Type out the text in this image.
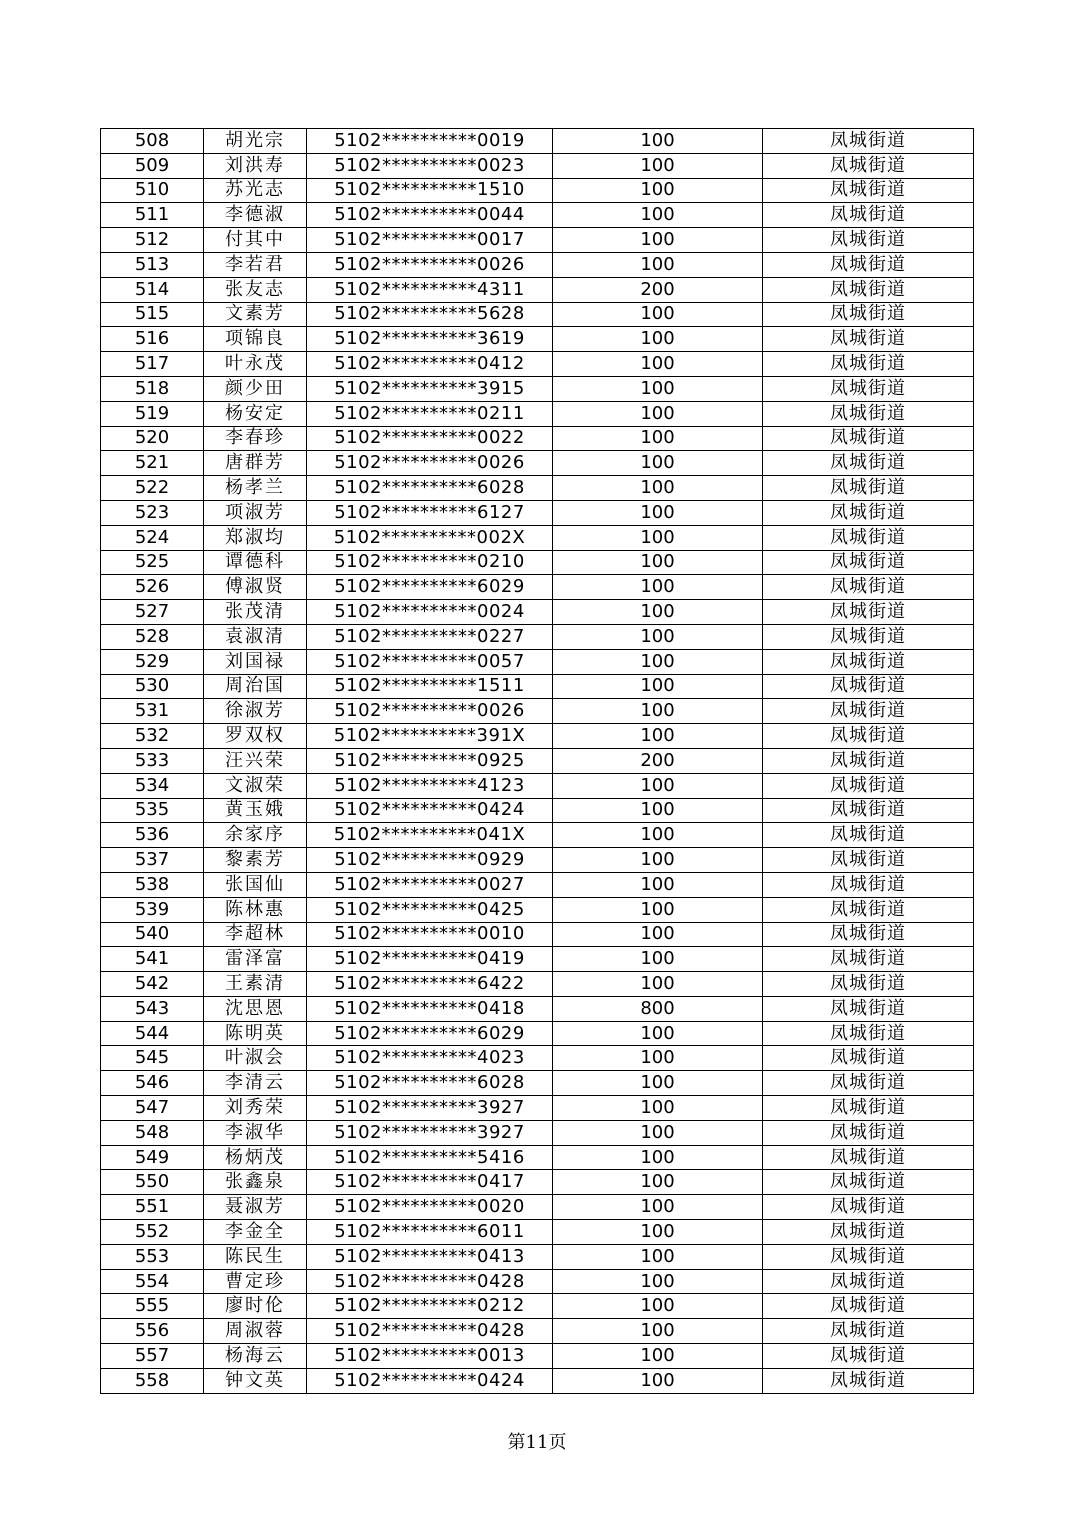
508	胡光宗	5102**********0019	100	凤城街道
509	刘洪寿	5102**********0023	100	凤城街道
510	苏光志	5102**********1510	100	凤城街道
511	李德淑	5102**********0044	100	凤城街道
512	付其中	5102**********0017	100	凤城街道
513	李若君	5102**********0026	100	凤城街道
514	张友志	5102**********4311	200	凤城街道
515	文素芳	5102**********5628	100	凤城街道
516	项锦良	5102**********3619	100	凤城街道
517	叶永茂	5102**********0412	100	凤城街道
518	颜少田	5102**********3915	100	凤城街道
519	杨安定	5102**********0211	100	凤城街道
520	李春珍	5102**********0022	100	凤城街道
521	唐群芳	5102**********0026	100	凤城街道
522	杨孝兰	5102**********6028	100	凤城街道
523	项淑芳	5102**********6127	100	凤城街道
524	郑淑均	5102**********002X	100	凤城街道
525	谭德科	5102**********0210	100	凤城街道
526	傅淑贤	5102**********6029	100	凤城街道
527	张茂清	5102**********0024	100	凤城街道
528	袁淑清	5102**********0227	100	凤城街道
529	刘国禄	5102**********0057	100	凤城街道
530	周治国	5102**********1511	100	凤城街道
531	徐淑芳	5102**********0026	100	凤城街道
532	罗双权	5102**********391X	100	凤城街道
533	汪兴荣	5102**********0925	200	凤城街道
534	文淑荣	5102**********4123	100	凤城街道
535	黄玉娥	5102**********0424	100	凤城街道
536	余家序	5102**********041X	100	凤城街道
537	黎素芳	5102**********0929	100	凤城街道
538	张国仙	5102**********0027	100	凤城街道
539	陈林惠	5102**********0425	100	凤城街道
540	李超林	5102**********0010	100	凤城街道
541	雷泽富	5102**********0419	100	凤城街道
542	王素清	5102**********6422	100	凤城街道
543	沈思恩	5102**********0418	800	凤城街道
544	陈明英	5102**********6029	100	凤城街道
545	叶淑会	5102**********4023	100	凤城街道
546	李清云	5102**********6028	100	凤城街道
547	刘秀荣	5102**********3927	100	凤城街道
548	李淑华	5102**********3927	100	凤城街道
549	杨炳茂	5102**********5416	100	凤城街道
550	张鑫泉	5102**********0417	100	凤城街道
551	聂淑芳	5102**********0020	100	凤城街道
552	李金全	5102**********6011	100	凤城街道
553	陈民生	5102**********0413	100	凤城街道
554	曹定珍	5102**********0428	100	凤城街道
555	廖时伦	5102**********0212	100	凤城街道
556	周淑蓉	5102**********0428	100	凤城街道
557	杨海云	5102**********0013	100	凤城街道
558	钟文英	5102**********0424	100	凤城街道
第11页
